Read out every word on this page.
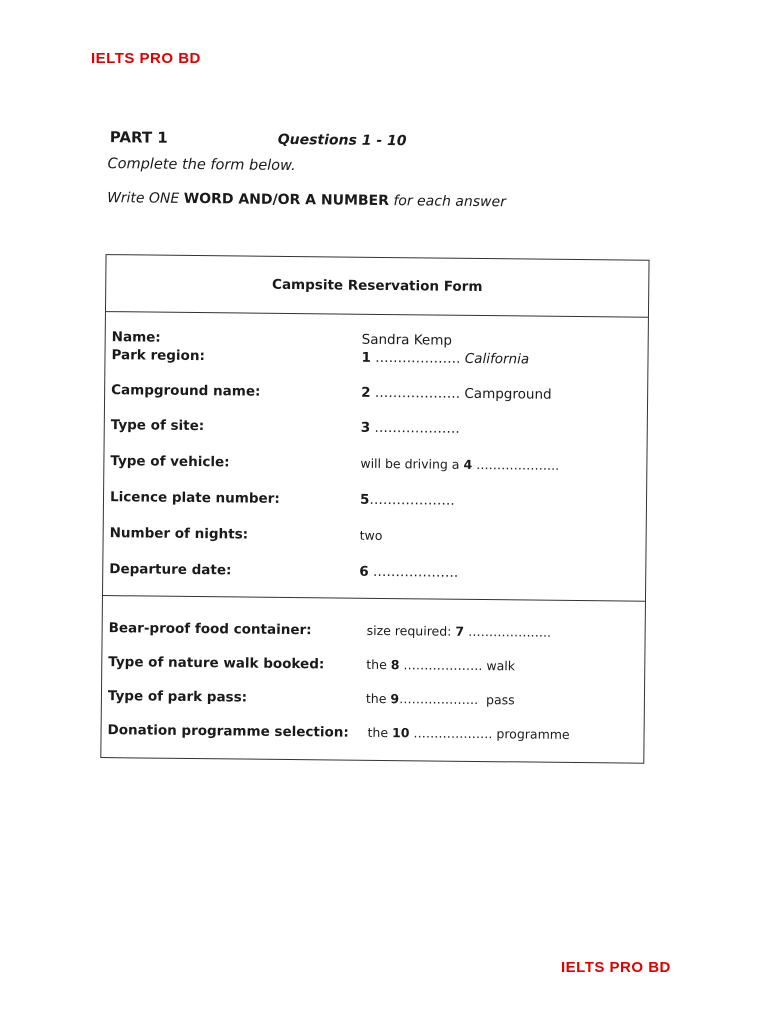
IELTS PRO BD
PART 1	Questions 1 - 10
Complete the form below.
Write ONE WORD AND/OR A NUMBER for each answer
Campsite Reservation Form
Name:	Sandra Kemp
Park region:	1 ………………. California
Campground name:	2 ………………. Campground
Type of site:	3 ……………….
Type of vehicle:	will be driving a 4 ………………..
Licence plate number:	5……………….
Number of nights:	two
Departure date:	6 ……………….
Bear-proof food container:	size required: 7 ………………..
Type of nature walk booked:	the 8 ………………. walk
Type of park pass:	the 9………………. pass
Donation programme selection: the 10 ………………. programme
IELTS PRO BD
